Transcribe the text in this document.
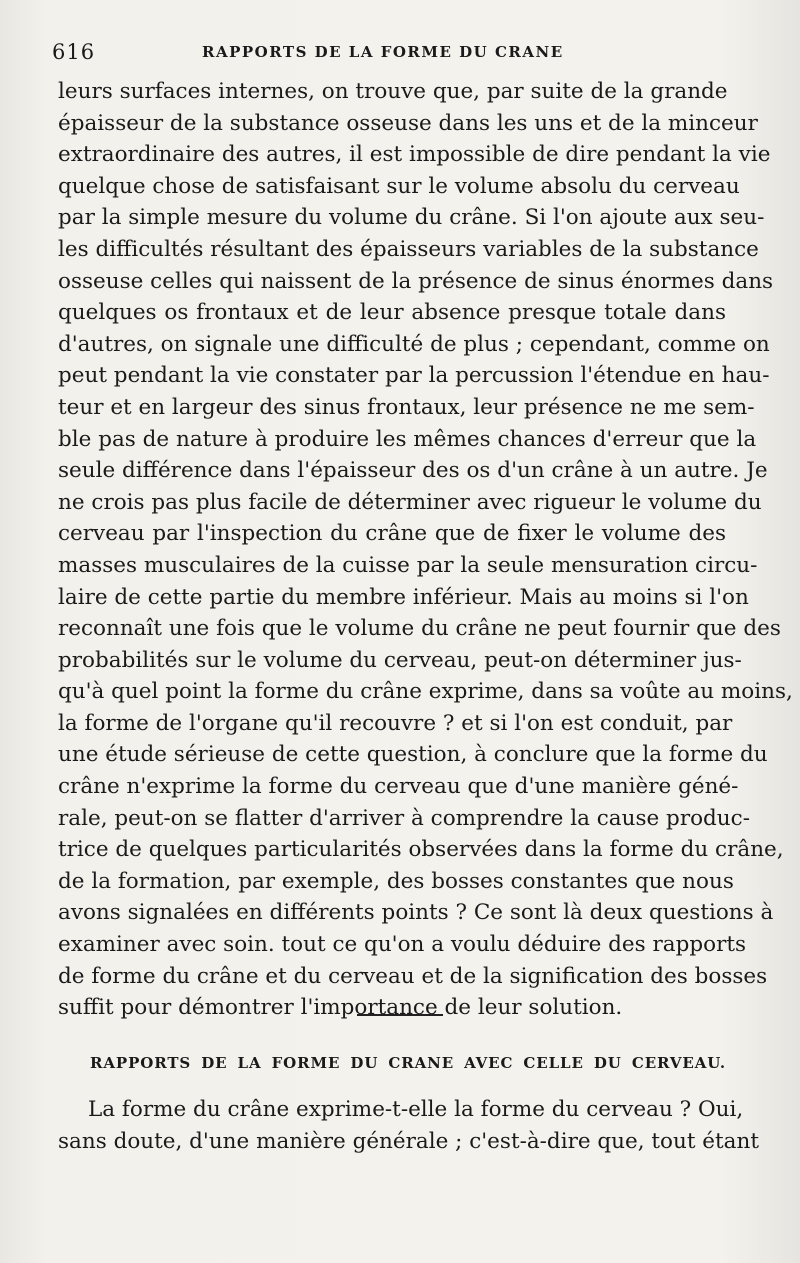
616	RAPPORTS DE LA FORME DU CRANE
leurs surfaces internes, on trouve que, par suite de la grande
épaisseur de la substance osseuse dans les uns et de la minceur
extraordinaire des autres, il est impossible de dire pendant la vie
quelque chose de satisfaisant sur le volume absolu du cerveau
par la simple mesure du volume du crâne. Si l'on ajoute aux seu-
les difficultés résultant des épaisseurs variables de la substance
osseuse celles qui naissent de la présence de sinus énormes dans
quelques os frontaux et de leur absence presque totale dans
d'autres, on signale une difficulté de plus ; cependant, comme on
peut pendant la vie constater par la percussion l'étendue en hau-
teur et en largeur des sinus frontaux, leur présence ne me sem-
ble pas de nature à produire les mêmes chances d'erreur que la
seule différence dans l'épaisseur des os d'un crâne à un autre. Je
ne crois pas plus facile de déterminer avec rigueur le volume du
cerveau par l'inspection du crâne que de fixer le volume des
masses musculaires de la cuisse par la seule mensuration circu-
laire de cette partie du membre inférieur. Mais au moins si l'on
reconnaît une fois que le volume du crâne ne peut fournir que des
probabilités sur le volume du cerveau, peut-on déterminer jus-
qu'à quel point la forme du crâne exprime, dans sa voûte au moins,
la forme de l'organe qu'il recouvre ? et si l'on est conduit, par
une étude sérieuse de cette question, à conclure que la forme du
crâne n'exprime la forme du cerveau que d'une manière géné-
rale, peut-on se flatter d'arriver à comprendre la cause produc-
trice de quelques particularités observées dans la forme du crâne,
de la formation, par exemple, des bosses constantes que nous
avons signalées en différents points ? Ce sont là deux questions à
examiner avec soin. tout ce qu'on a voulu déduire des rapports
de forme du crâne et du cerveau et de la signification des bosses
suffit pour démontrer l'importance de leur solution.
RAPPORTS DE LA FORME DU CRANE AVEC CELLE DU CERVEAU.
La forme du crâne exprime-t-elle la forme du cerveau ? Oui,
sans doute, d'une manière générale ; c'est-à-dire que, tout étant
